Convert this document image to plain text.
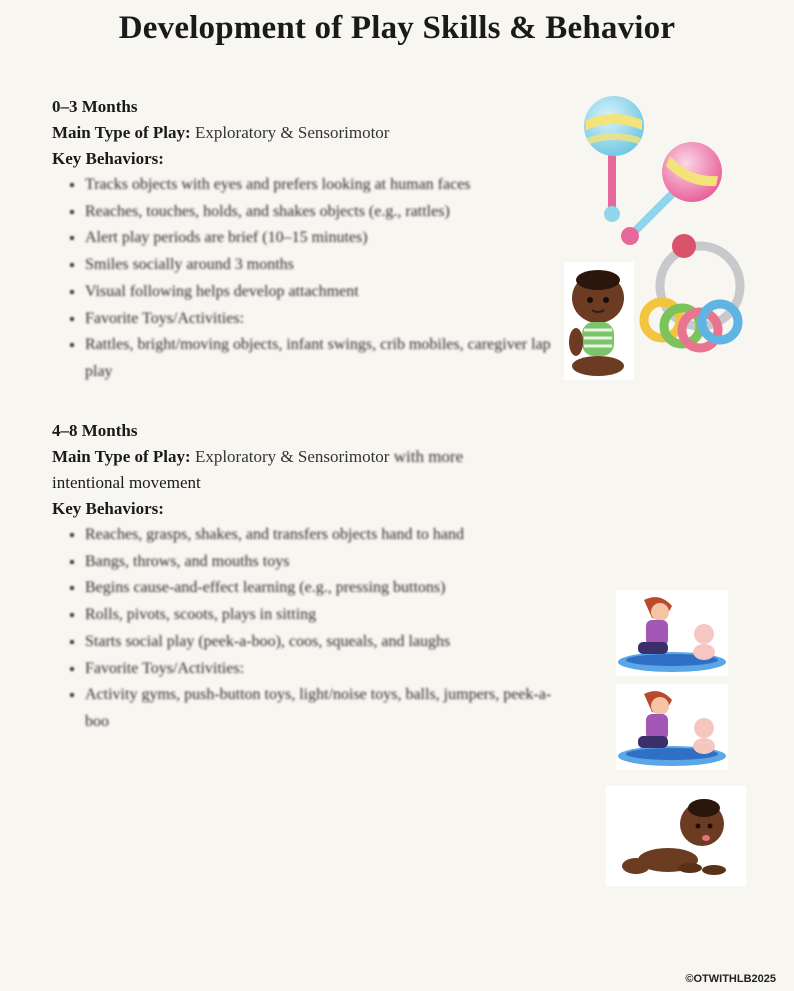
Development of Play Skills & Behavior
0–3 Months
Main Type of Play: Exploratory & Sensorimotor
Key Behaviors:
• Tracks objects with eyes and prefers looking at human faces
• Reaches, touches, holds, and shakes objects (e.g., rattles)
• Alert play periods are brief (10–15 minutes)
• Smiles socially around 3 months
• Visual following helps develop attachment
• Favorite Toys/Activities:
• Rattles, bright/moving objects, infant swings, crib mobiles, caregiver lap play
4–8 Months
Main Type of Play: Exploratory & Sensorimotor with more
intentional movement
Key Behaviors:
• Reaches, grasps, shakes, and transfers objects hand to hand
• Bangs, throws, and mouths toys
• Begins cause-and-effect learning (e.g., pressing buttons)
• Rolls, pivots, scoots, plays in sitting
• Starts social play (peek-a-boo), coos, squeals, and laughs
• Favorite Toys/Activities:
• Activity gyms, push-button toys, light/noise toys, balls, jumpers, peek-a-boo
©OTWITHLB2025
